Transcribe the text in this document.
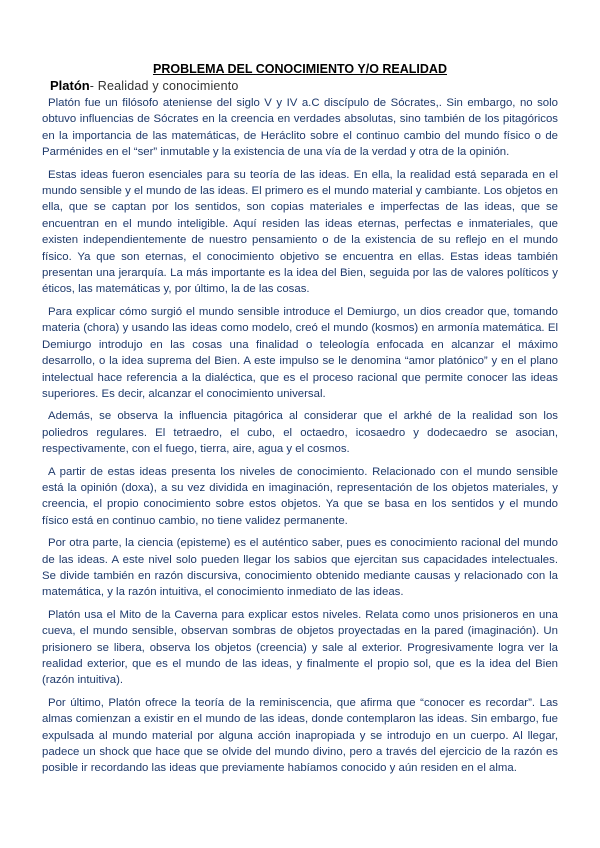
PROBLEMA DEL CONOCIMIENTO Y/O REALIDAD
Platón- Realidad y conocimiento

Platón fue un filósofo ateniense del siglo V y IV a.C discípulo de Sócrates,. Sin embargo, no solo obtuvo influencias de Sócrates en la creencia en verdades absolutas, sino también de los pitagóricos en la importancia de las matemáticas, de Heráclito sobre el continuo cambio del mundo físico o de Parménides en el “ser” inmutable y la existencia de una vía de la verdad y otra de la opinión.

Estas ideas fueron esenciales para su teoría de las ideas. En ella, la realidad está separada en el mundo sensible y el mundo de las ideas. El primero es el mundo material y cambiante. Los objetos en ella, que se captan por los sentidos, son copias materiales e imperfectas de las ideas, que se encuentran en el mundo inteligible. Aquí residen las ideas eternas, perfectas e inmateriales, que existen independientemente de nuestro pensamiento o de la existencia de su reflejo en el mundo físico. Ya que son eternas, el conocimiento objetivo se encuentra en ellas. Estas ideas también presentan una jerarquía. La más importante es la idea del Bien, seguida por las de valores políticos y éticos, las matemáticas y, por último, la de las cosas.

Para explicar cómo surgió el mundo sensible introduce el Demiurgo, un dios creador que, tomando materia (chora) y usando las ideas como modelo, creó el mundo (kosmos) en armonía matemática. El Demiurgo introdujo en las cosas una finalidad o teleología enfocada en alcanzar el máximo desarrollo, o la idea suprema del Bien. A este impulso se le denomina “amor platónico” y en el plano intelectual hace referencia a la dialéctica, que es el proceso racional que permite conocer las ideas superiores. Es decir, alcanzar el conocimiento universal.

Además, se observa la influencia pitagórica al considerar que el arkhé de la realidad son los poliedros regulares. El tetraedro, el cubo, el octaedro, icosaedro y dodecaedro se asocian, respectivamente, con el fuego, tierra, aire, agua y el cosmos.

A partir de estas ideas presenta los niveles de conocimiento. Relacionado con el mundo sensible está la opinión (doxa), a su vez dividida en imaginación, representación de los objetos materiales, y creencia, el propio conocimiento sobre estos objetos. Ya que se basa en los sentidos y el mundo físico está en continuo cambio, no tiene validez permanente.

Por otra parte, la ciencia (episteme) es el auténtico saber, pues es conocimiento racional del mundo de las ideas. A este nivel solo pueden llegar los sabios que ejercitan sus capacidades intelectuales. Se divide también en razón discursiva, conocimiento obtenido mediante causas y relacionado con la matemática, y la razón intuitiva, el conocimiento inmediato de las ideas.

Platón usa el Mito de la Caverna para explicar estos niveles. Relata como unos prisioneros en una cueva, el mundo sensible, observan sombras de objetos proyectadas en la pared (imaginación). Un prisionero se libera, observa los objetos (creencia) y sale al exterior. Progresivamente logra ver la realidad exterior, que es el mundo de las ideas, y finalmente el propio sol, que es la idea del Bien (razón intuitiva).

Por último, Platón ofrece la teoría de la reminiscencia, que afirma que “conocer es recordar”. Las almas comienzan a existir en el mundo de las ideas, donde contemplaron las ideas. Sin embargo, fue expulsada al mundo material por alguna acción inapropiada y se introdujo en un cuerpo. Al llegar, padece un shock que hace que se olvide del mundo divino, pero a través del ejercicio de la razón es posible ir recordando las ideas que previamente habíamos conocido y aún residen en el alma.
